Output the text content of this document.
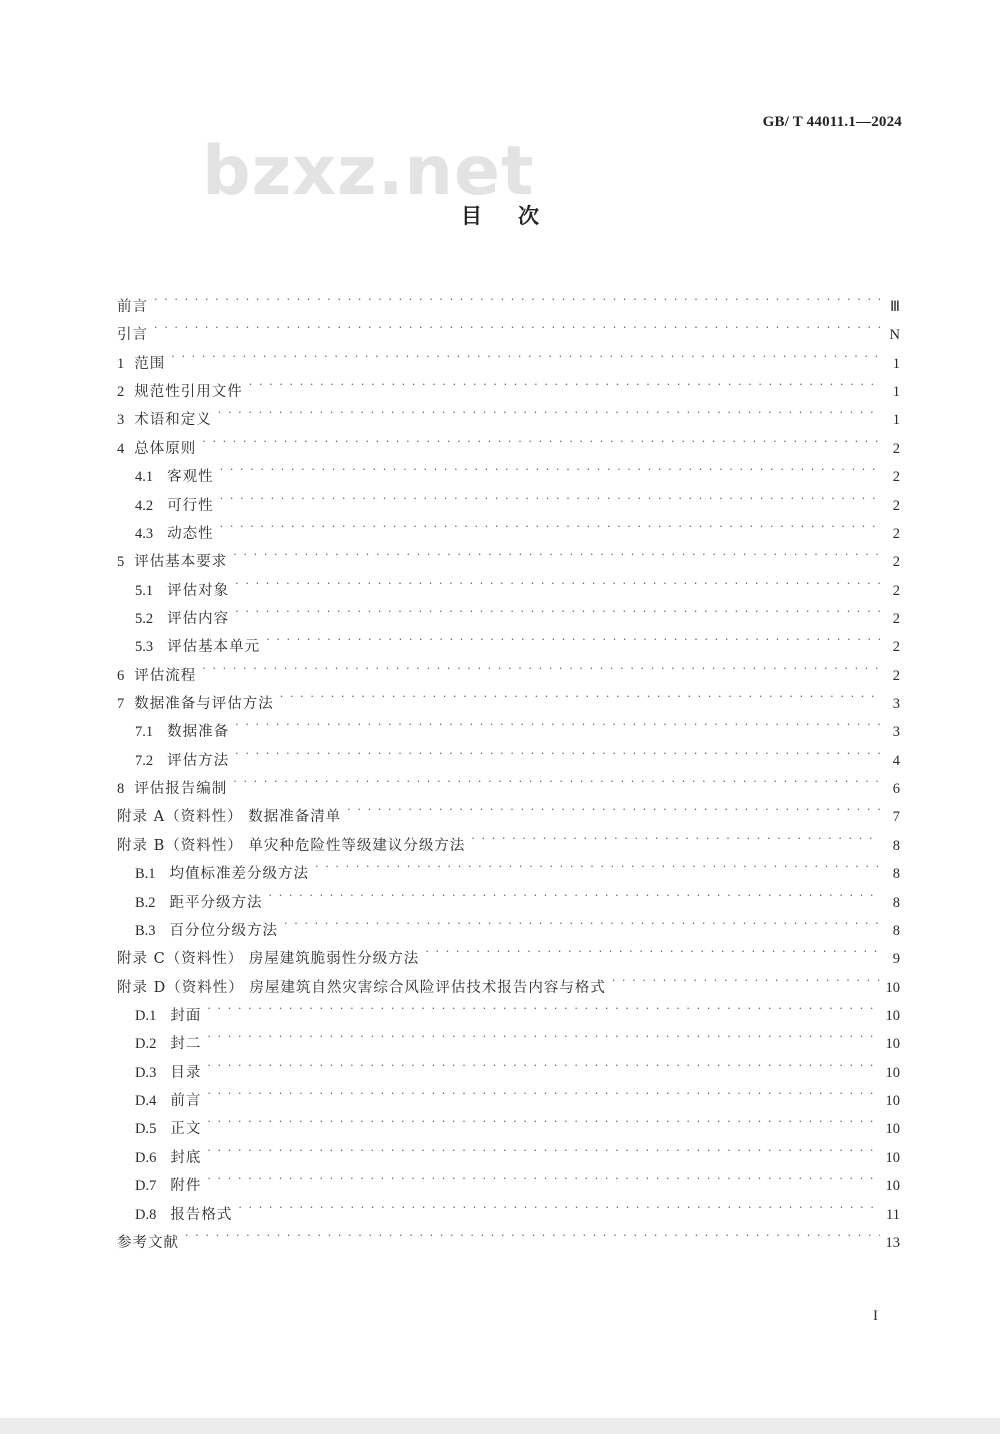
GB/ T 44011.1—2024
bzxz.net
目次
前言 . . .	Ⅲ
引言 . . .	N
1 范围 . . .	1
2 规范性引用文件 . . .	1
3 术语和定义 . . .	1
4 总体原则 . . .	2
4.1 客观性 . . .	2
4.2 可行性 . . .	2
4.3 动态性 . . .	2
5 评估基本要求 . . .	2
5.1 评估对象 . . .	2
5.2 评估内容 . . .	2
5.3 评估基本单元 . . .	2
6 评估流程 . . .	2
7 数据准备与评估方法 . . .	3
7.1 数据准备 . . .	3
7.2 评估方法 . . .	4
8 评估报告编制 . . .	6
附录 A（资料性） 数据准备清单 . . .	7
附录 B（资料性） 单灾种危险性等级建议分级方法 . . .	8
B.1 均值标准差分级方法 . . .	8
B.2 距平分级方法 . . .	8
B.3 百分位分级方法 . . .	8
附录 C（资料性） 房屋建筑脆弱性分级方法 . . .	9
附录 D（资料性） 房屋建筑自然灾害综合风险评估技术报告内容与格式 . . .	10
D.1 封面 . . .	10
D.2 封二 . . .	10
D.3 目录 . . .	10
D.4 前言 . . .	10
D.5 正文 . . .	10
D.6 封底 . . .	10
D.7 附件 . . .	10
D.8 报告格式 . . .	11
参考文献 . . .	13
I
